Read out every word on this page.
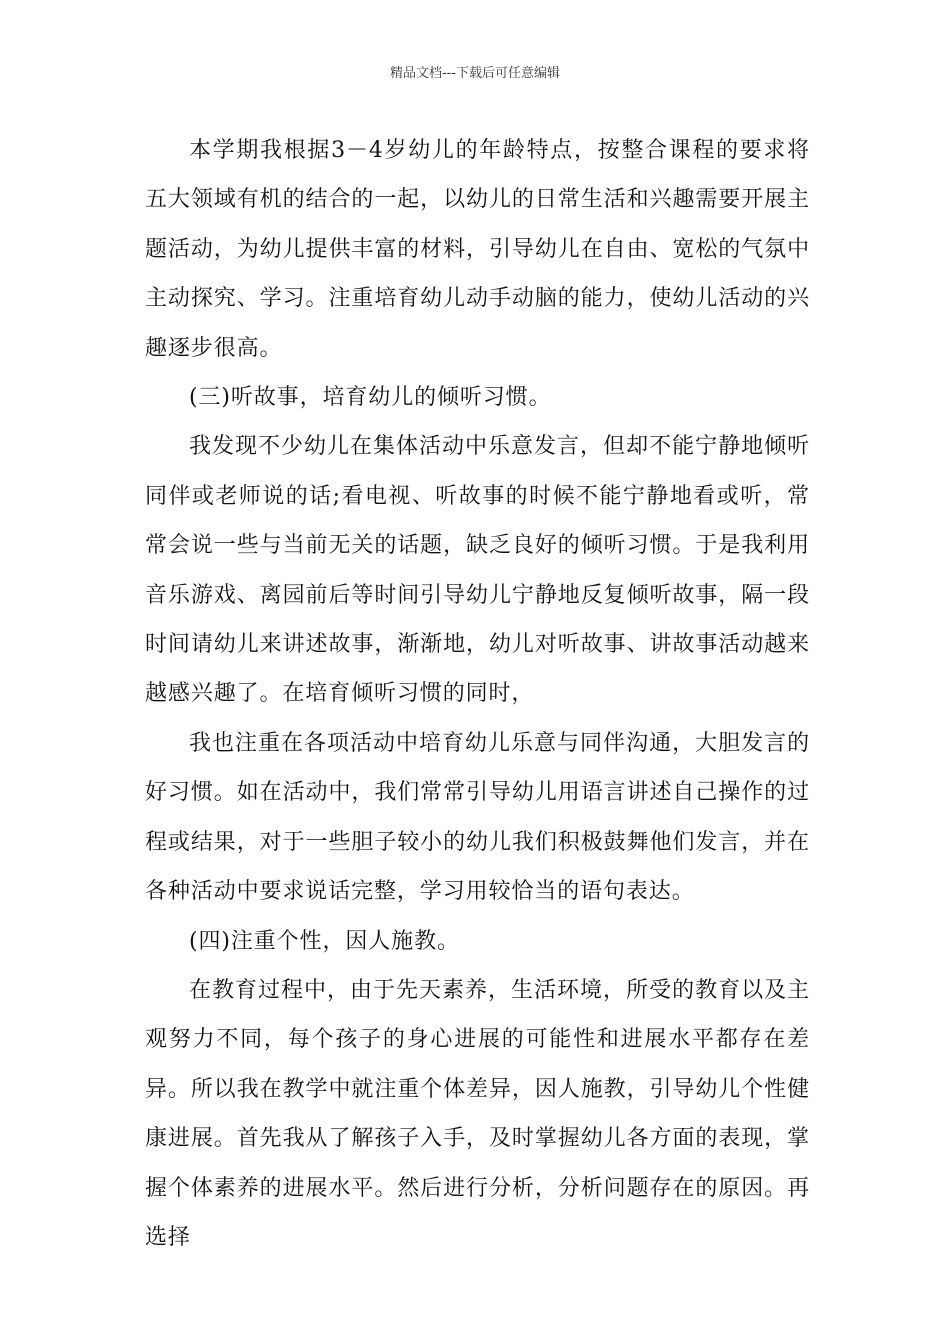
精品文档---下载后可任意编辑

本学期我根据3－4岁幼儿的年龄特点，按整合课程的要求将五大领域有机的结合的一起，以幼儿的日常生活和兴趣需要开展主题活动，为幼儿提供丰富的材料，引导幼儿在自由、宽松的气氛中主动探究、学习。注重培育幼儿动手动脑的能力，使幼儿活动的兴趣逐步很高。

(三)听故事，培育幼儿的倾听习惯。

我发现不少幼儿在集体活动中乐意发言，但却不能宁静地倾听同伴或老师说的话;看电视、听故事的时候不能宁静地看或听，常常会说一些与当前无关的话题，缺乏良好的倾听习惯。于是我利用音乐游戏、离园前后等时间引导幼儿宁静地反复倾听故事，隔一段时间请幼儿来讲述故事，渐渐地，幼儿对听故事、讲故事活动越来越感兴趣了。在培育倾听习惯的同时，

我也注重在各项活动中培育幼儿乐意与同伴沟通，大胆发言的好习惯。如在活动中，我们常常引导幼儿用语言讲述自己操作的过程或结果，对于一些胆子较小的幼儿我们积极鼓舞他们发言，并在各种活动中要求说话完整，学习用较恰当的语句表达。

(四)注重个性，因人施教。

在教育过程中，由于先天素养，生活环境，所受的教育以及主观努力不同，每个孩子的身心进展的可能性和进展水平都存在差异。所以我在教学中就注重个体差异，因人施教，引导幼儿个性健康进展。首先我从了解孩子入手，及时掌握幼儿各方面的表现，掌握个体素养的进展水平。然后进行分析，分析问题存在的原因。再选择
